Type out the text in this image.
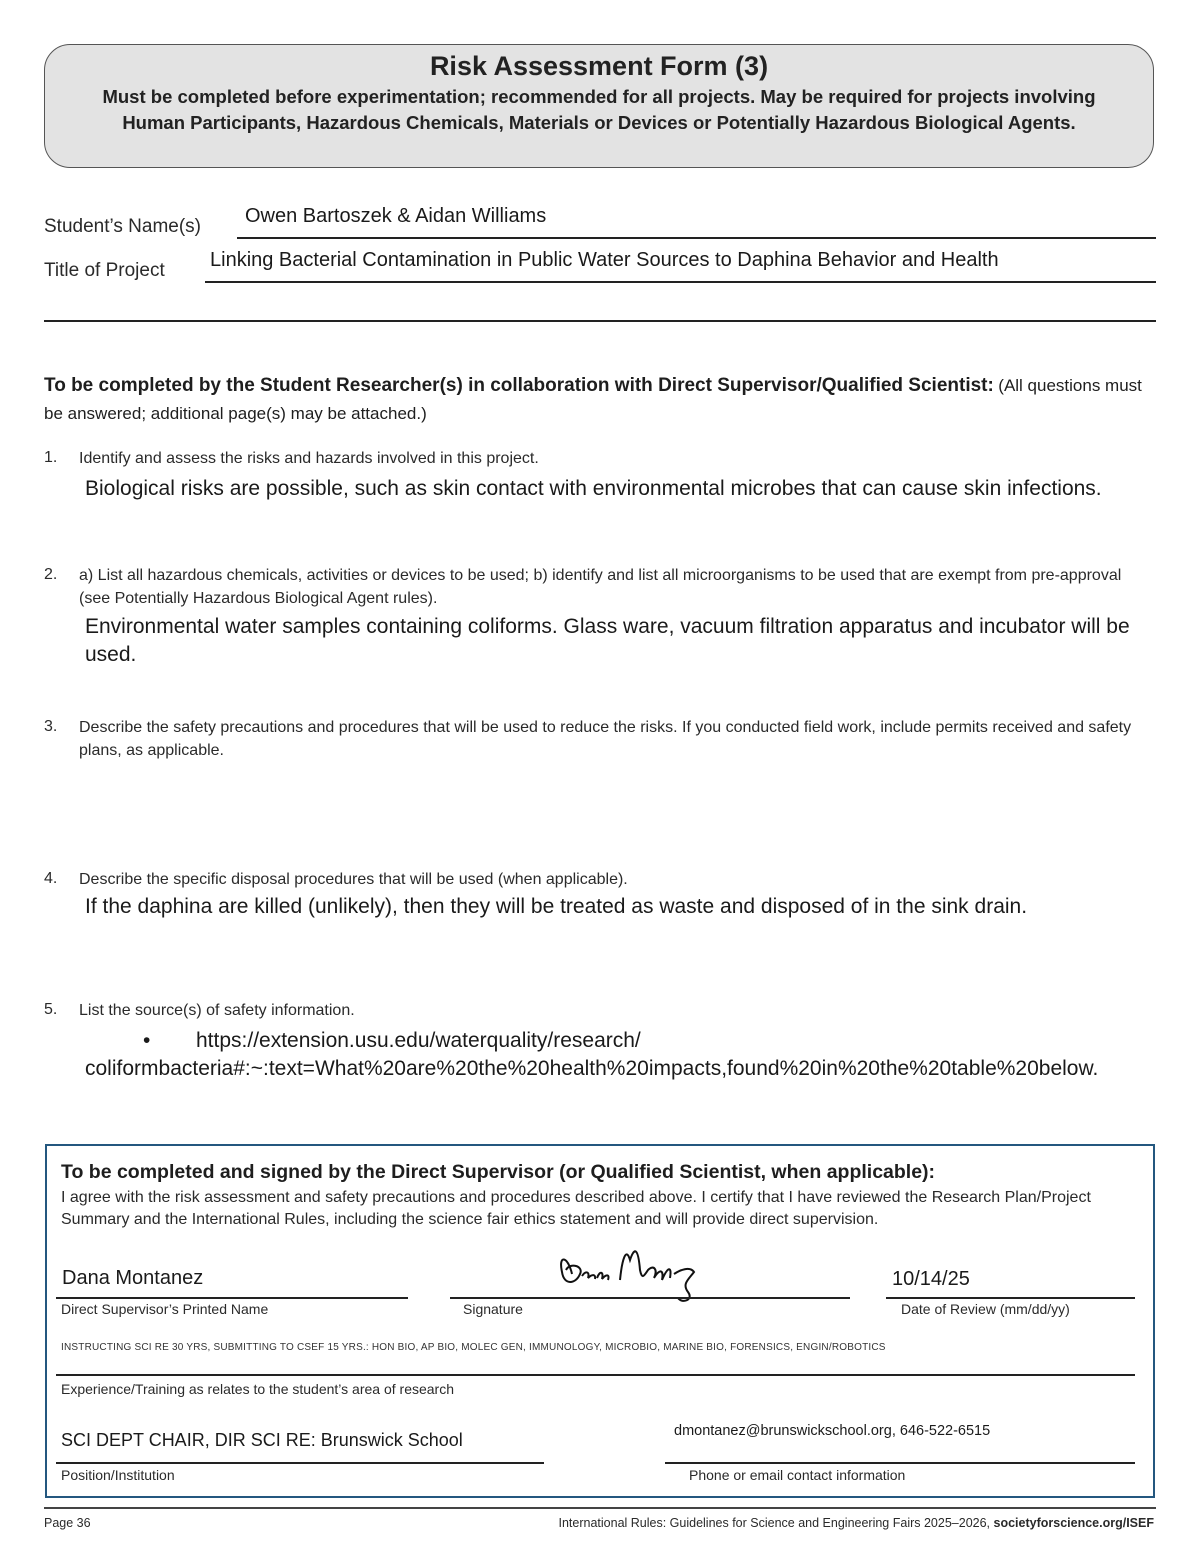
Risk Assessment Form (3)
Must be completed before experimentation; recommended for all projects. May be required for projects involving Human Participants, Hazardous Chemicals, Materials or Devices or Potentially Hazardous Biological Agents.
Student’s Name(s) Owen Bartoszek & Aidan Williams
Title of Project Linking Bacterial Contamination in Public Water Sources to Daphina Behavior and Health
To be completed by the Student Researcher(s) in collaboration with Direct Supervisor/Qualified Scientist: (All questions must be answered; additional page(s) may be attached.)
1. Identify and assess the risks and hazards involved in this project.
Biological risks are possible, such as skin contact with environmental microbes that can cause skin infections.
2. a) List all hazardous chemicals, activities or devices to be used; b) identify and list all microorganisms to be used that are exempt from pre-approval (see Potentially Hazardous Biological Agent rules).
Environmental water samples containing coliforms. Glass ware, vacuum filtration apparatus and incubator will be used.
3. Describe the safety precautions and procedures that will be used to reduce the risks. If you conducted field work, include permits received and safety plans, as applicable.
4. Describe the specific disposal procedures that will be used (when applicable).
If the daphina are killed (unlikely), then they will be treated as waste and disposed of in the sink drain.
5. List the source(s) of safety information.
• https://extension.usu.edu/waterquality/research/
coliformbacteria#:~:text=What%20are%20the%20health%20impacts,found%20in%20the%20table%20below.
To be completed and signed by the Direct Supervisor (or Qualified Scientist, when applicable):
I agree with the risk assessment and safety precautions and procedures described above. I certify that I have reviewed the Research Plan/Project Summary and the International Rules, including the science fair ethics statement and will provide direct supervision.
Dana Montanez
Direct Supervisor’s Printed Name	Signature
10/14/25
Date of Review (mm/dd/yy)
INSTRUCTING SCI RE 30 YRS, SUBMITTING TO CSEF 15 YRS.: HON BIO, AP BIO, MOLEC GEN, IMMUNOLOGY, MICROBIO, MARINE BIO, FORENSICS, ENGIN/ROBOTICS
Experience/Training as relates to the student’s area of research
SCI DEPT CHAIR, DIR SCI RE: Brunswick School
Position/Institution
dmontanez@brunswickschool.org, 646-522-6515
Phone or email contact information
Page 36	International Rules: Guidelines for Science and Engineering Fairs 2025–2026, societyforscience.org/ISEF
